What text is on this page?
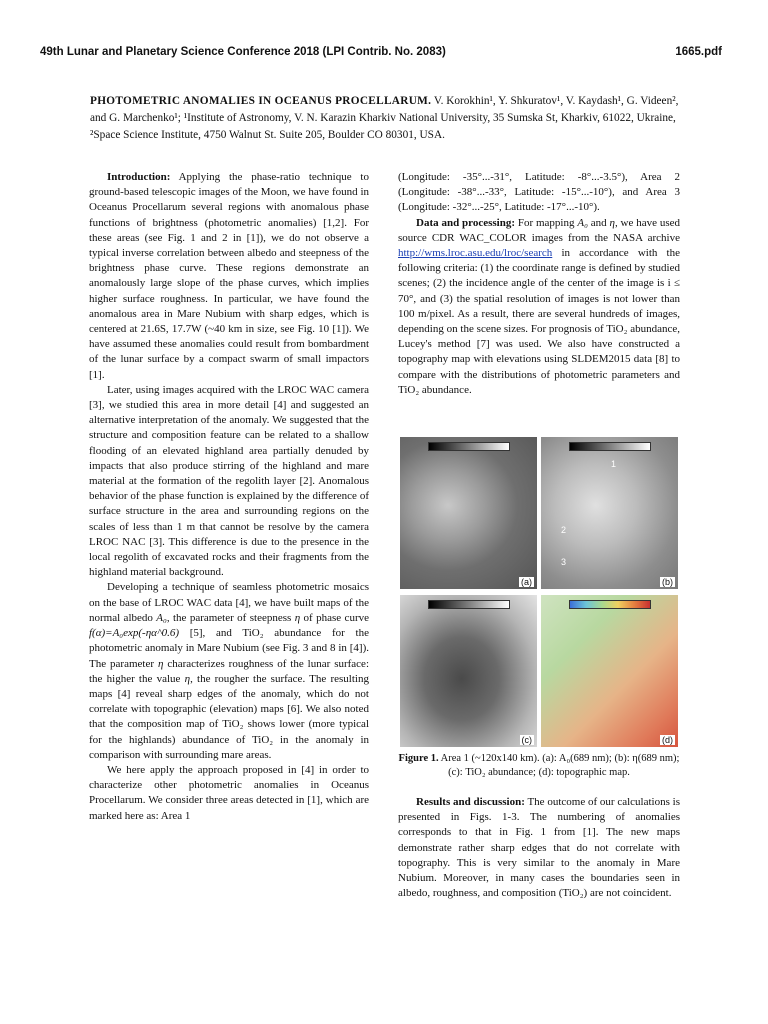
49th Lunar and Planetary Science Conference 2018 (LPI Contrib. No. 2083)	1665.pdf
PHOTOMETRIC ANOMALIES IN OCEANUS PROCELLARUM. V. Korokhin¹, Y. Shkuratov¹, V. Kaydash¹, G. Videen², and G. Marchenko¹; ¹Institute of Astronomy, V. N. Karazin Kharkiv National University, 35 Sumska St, Kharkiv, 61022, Ukraine, ²Space Science Institute, 4750 Walnut St. Suite 205, Boulder CO 80301, USA.

Introduction: Applying the phase-ratio technique to ground-based telescopic images of the Moon, we have found in Oceanus Procellarum several regions with anomalous phase functions of brightness (photometric anomalies) [1,2]. For these areas (see Fig. 1 and 2 in [1]), we do not observe a typical inverse correlation between albedo and steepness of the brightness phase curve. These regions demonstrate an anomalously large slope of the phase curves, which implies higher surface roughness. In particular, we have found the anomalous area in Mare Nubium with sharp edges, which is centered at 21.6S, 17.7W (~40 km in size, see Fig. 10 [1]). We have assumed these anomalies could result from bombardment of the lunar surface by a compact swarm of small impactors [1].

Later, using images acquired with the LROC WAC camera [3], we studied this area in more detail [4] and suggested an alternative interpretation of the anomaly. We suggested that the structure and composition feature can be related to a shallow flooding of an elevated highland area partially denuded by impacts that also produce stirring of the highland and mare material at the formation of the regolith layer [2]. Anomalous behavior of the phase function is explained by the difference of surface structure in the area and surrounding regions on the scales of less than 1 m that cannot be resolve by the camera LROC NAC [3]. This difference is due to the presence in the local regolith of excavated rocks and their fragments from the highland material background.

Developing a technique of seamless photometric mosaics on the base of LROC WAC data [4], we have built maps of the normal albedo A₀, the parameter of steepness η of phase curve f(α)=A₀exp(-ηα^0.6) [5], and TiO₂ abundance for the photometric anomaly in Mare Nubium (see Fig. 3 and 8 in [4]). The parameter η characterizes roughness of the lunar surface: the higher the value η, the rougher the surface. The resulting maps [4] reveal sharp edges of the anomaly, which do not correlate with topographic (elevation) maps [6]. We also noted that the composition map of TiO₂ shows lower (more typical for the highlands) abundance of TiO₂ in the anomaly in comparison with surrounding mare areas.

We here apply the approach proposed in [4] in order to characterize other photometric anomalies in Oceanus Procellarum. We consider three areas detected in [1], which are marked here as: Area 1

(Longitude: -35°...-31°, Latitude: -8°...-3.5°), Area 2 (Longitude: -38°...-33°, Latitude: -15°...-10°), and Area 3 (Longitude: -32°...-25°, Latitude: -17°...-10°).

Data and processing: For mapping A₀ and η, we have used source CDR WAC_COLOR images from the NASA archive http://wms.lroc.asu.edu/lroc/search in accordance with the following criteria: (1) the coordinate range is defined by studied scenes; (2) the incidence angle of the center of the image is i ≤ 70°, and (3) the spatial resolution of images is not lower than 100 m/pixel. As a result, there are several hundreds of images, depending on the scene sizes. For prognosis of TiO₂ abundance, Lucey's method [7] was used. We also have constructed a topography map with elevations using SLDEM2015 data [8] to compare with the distributions of photometric parameters and TiO₂ abundance.

(a)
1
2
3
(b)
(c)	(d)
Figure 1. Area 1 (~120x140 km). (a): A₀(689 nm); (b): η(689 nm); (c): TiO₂ abundance; (d): topographic map.

Results and discussion: The outcome of our calculations is presented in Figs. 1-3. The numbering of anomalies corresponds to that in Fig. 1 from [1]. The new maps demonstrate rather sharp edges that do not correlate with topography. This is very similar to the anomaly in Mare Nubium. Moreover, in many cases the boundaries seen in albedo, roughness, and composition (TiO₂) are not coincident.
